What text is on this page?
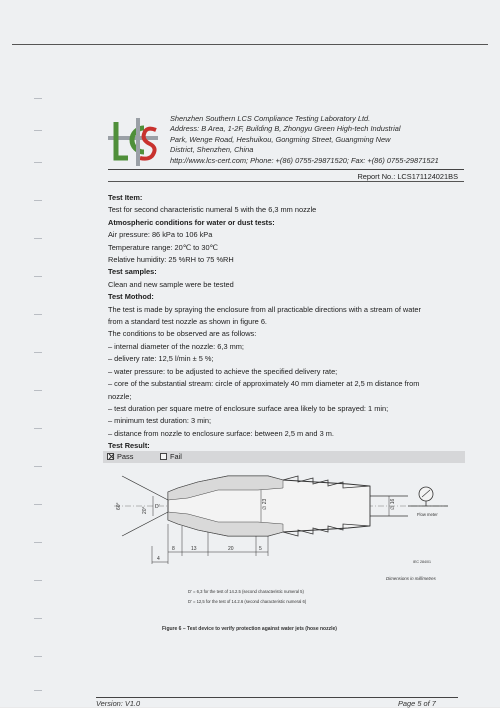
Shenzhen Southern LCS Compliance Testing Laboratory Ltd.
Address: B Area, 1-2F, Building B, Zhongyu Green High-tech Industrial
Park, Wenge Road, Heshuikou, Gongming Street, Guangming New
District, Shenzhen, China
http://www.lcs-cert.com; Phone: +(86) 0755-29871520; Fax: +(86) 0755-29871521
Report No.: LCS171124021BS
Test Item:
Test for second characteristic numeral 5 with the 6,3 mm nozzle
Atmospheric conditions for water or dust tests:
Air pressure: 86 kPa to 106 kPa
Temperature range: 20℃ to 30℃
Relative humidity: 25 %RH to 75 %RH
Test samples:
Clean and new sample were be tested
Test Mothod:
The test is made by spraying the enclosure from all practicable directions with a stream of water
from a standard test nozzle as shown in figure 6.
The conditions to be observed are as follows:
– internal diameter of the nozzle: 6,3 mm;
– delivery rate: 12,5 l/min ± 5 %;
– water pressure: to be adjusted to achieve the specified delivery rate;
– core of the substantial stream: circle of approximately 40 mm diameter at 2,5 m distance from
nozzle;
– test duration per square metre of enclosure surface area likely to be sprayed: 1 min;
– minimum test duration: 3 min;
– distance from nozzle to enclosure surface: between 2,5 m and 3 m.
Test Result:
Pass	Fail
60°
20° D'	∅ 23	∅ 16
8	13	20	5
4
Flow meter
IEC 284/01
Dimensions in millimetres
D' = 6,3 for the test of 14.2.5 (second characteristic numeral 5)
D' = 12,5 for the test of 14.2.6 (second characteristic numeral 6)
Figure 6 – Test device to verify protection against water jets (hose nozzle)
Version: V1.0	Page 5 of 7
